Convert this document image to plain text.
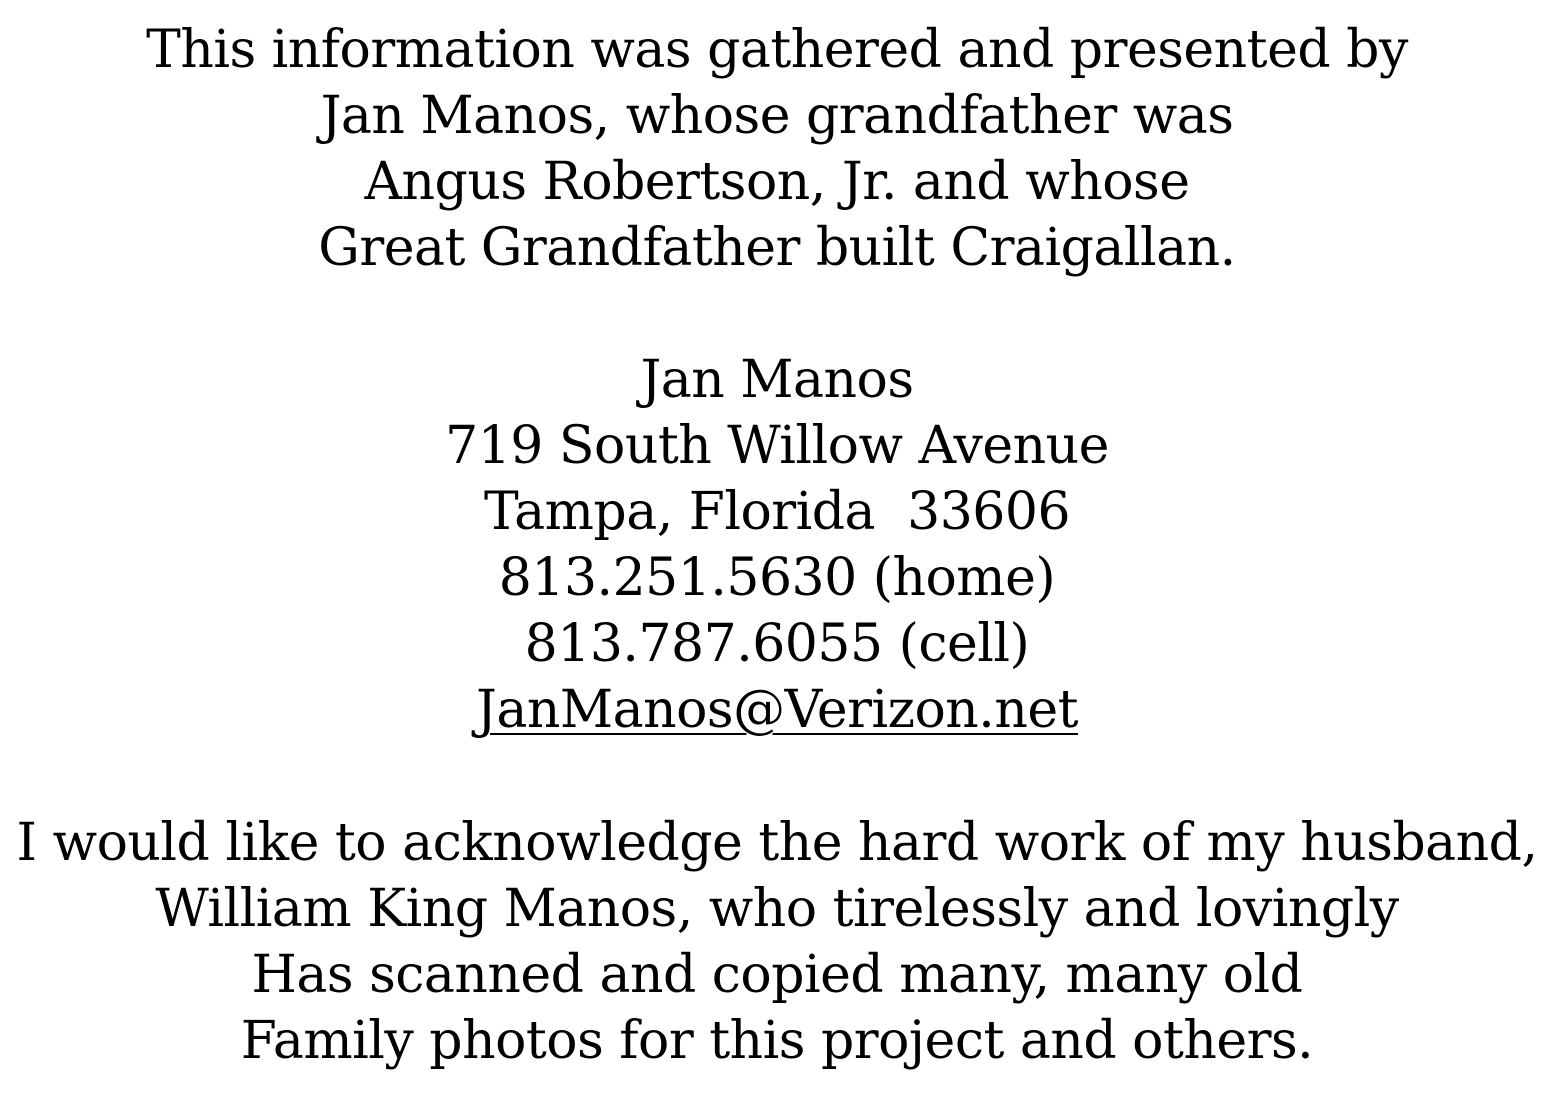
This information was gathered and presented by
Jan Manos, whose grandfather was
Angus Robertson, Jr. and whose
Great Grandfather built Craigallan.
Jan Manos
719 South Willow Avenue
Tampa, Florida  33606
813.251.5630 (home)
813.787.6055 (cell)
JanManos@Verizon.net
I would like to acknowledge the hard work of my husband,
William King Manos, who tirelessly and lovingly
Has scanned and copied many, many old
Family photos for this project and others.
